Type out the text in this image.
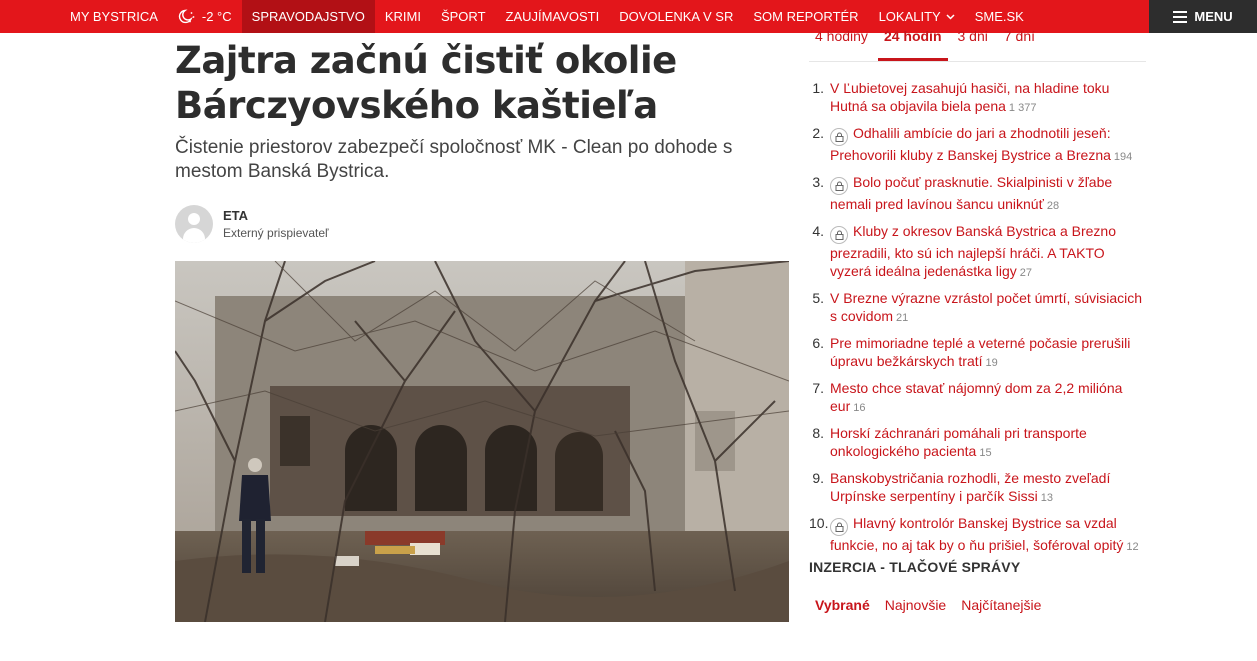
MY BYSTRICA	-2 °C SPRAVODAJSTVO KRIMI ŠPORT ZAUJÍMAVOSTI DOVOLENKA V SR SOM REPORTÉR LOKALITY	SME.SK	MENU
Zajtra začnú čistiť okolie Bárczyovského kaštieľa

Čistenie priestorov zabezpečí spoločnosť MK - Clean po dohode s mestom Banská Bystrica.

ETA
Externý prispievateľ
4 hodiny	24 hodín	3 dni	7 dní
1. V Ľubietovej zasahujú hasiči, na hladine toku Hutná sa objavila biela pena 1 377
2.	Odhalili ambície do jari a zhodnotili jeseň: Prehovorili kluby z Banskej Bystrice a Brezna 194
3.	Bolo počuť prasknutie. Skialpinisti v žľabe nemali pred lavínou šancu uniknúť 28
4.	Kluby z okresov Banská Bystrica a Brezno prezradili, kto sú ich najlepší hráči. A TAKTO vyzerá ideálna jedenástka ligy 27
5. V Brezne výrazne vzrástol počet úmrtí, súvisiacich s covidom 21
6. Pre mimoriadne teplé a veterné počasie prerušili úpravu bežkárskych tratí 19
7. Mesto chce stavať nájomný dom za 2,2 milióna eur 16
8. Horskí záchranári pomáhali pri transporte onkologického pacienta 15
9. Banskobystričania rozhodli, že mesto zveľadí Urpínske serpentíny i parčík Sissi 13
10.	Hlavný kontrolór Banskej Bystrice sa vzdal funkcie, no aj tak by o ňu prišiel, šoféroval opitý 12
INZERCIA - TLAČOVÉ SPRÁVY
Vybrané	Najnovšie	Najčítanejšie
